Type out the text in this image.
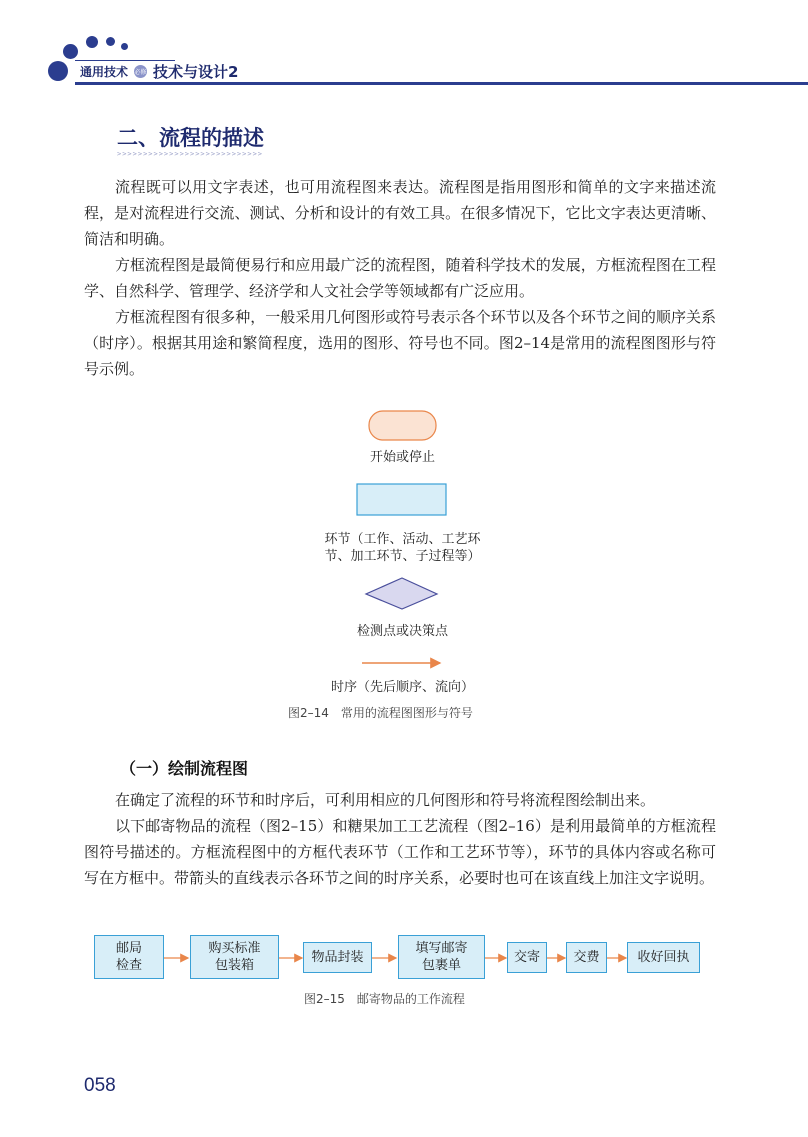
通用技术 必修 技术与设计2
二、流程的描述
>>>>>>>>>>>>>>>>>>>>>>>>>>>>

流程既可以用文字表述，也可用流程图来表达。流程图是指用图形和简单的文字来描述流程，是对流程进行交流、测试、分析和设计的有效工具。在很多情况下，它比文字表达更清晰、简洁和明确。

方框流程图是最简便易行和应用最广泛的流程图，随着科学技术的发展，方框流程图在工程学、自然科学、管理学、经济学和人文社会学等领域都有广泛应用。

方框流程图有很多种，一般采用几何图形或符号表示各个环节以及各个环节之间的顺序关系（时序）。根据其用途和繁简程度，选用的图形、符号也不同。图2–14是常用的流程图图形与符号示例。

开始或停止
环节（工作、活动、工艺环
节、加工环节、子过程等）
检测点或决策点
时序（先后顺序、流向）
图2–14　常用的流程图图形与符号
（一）绘制流程图

在确定了流程的环节和时序后，可利用相应的几何图形和符号将流程图绘制出来。

以下邮寄物品的流程（图2–15）和糖果加工工艺流程（图2–16）是利用最简单的方框流程图符号描述的。方框流程图中的方框代表环节（工作和工艺环节等），环节的具体内容或名称可写在方框中。带箭头的直线表示各环节之间的时序关系，必要时也可在该直线上加注文字说明。

邮局
检查
购买标准
包装箱
物品封装
填写邮寄
包裹单
交寄	交费	收好回执
图2–15　邮寄物品的工作流程
058
